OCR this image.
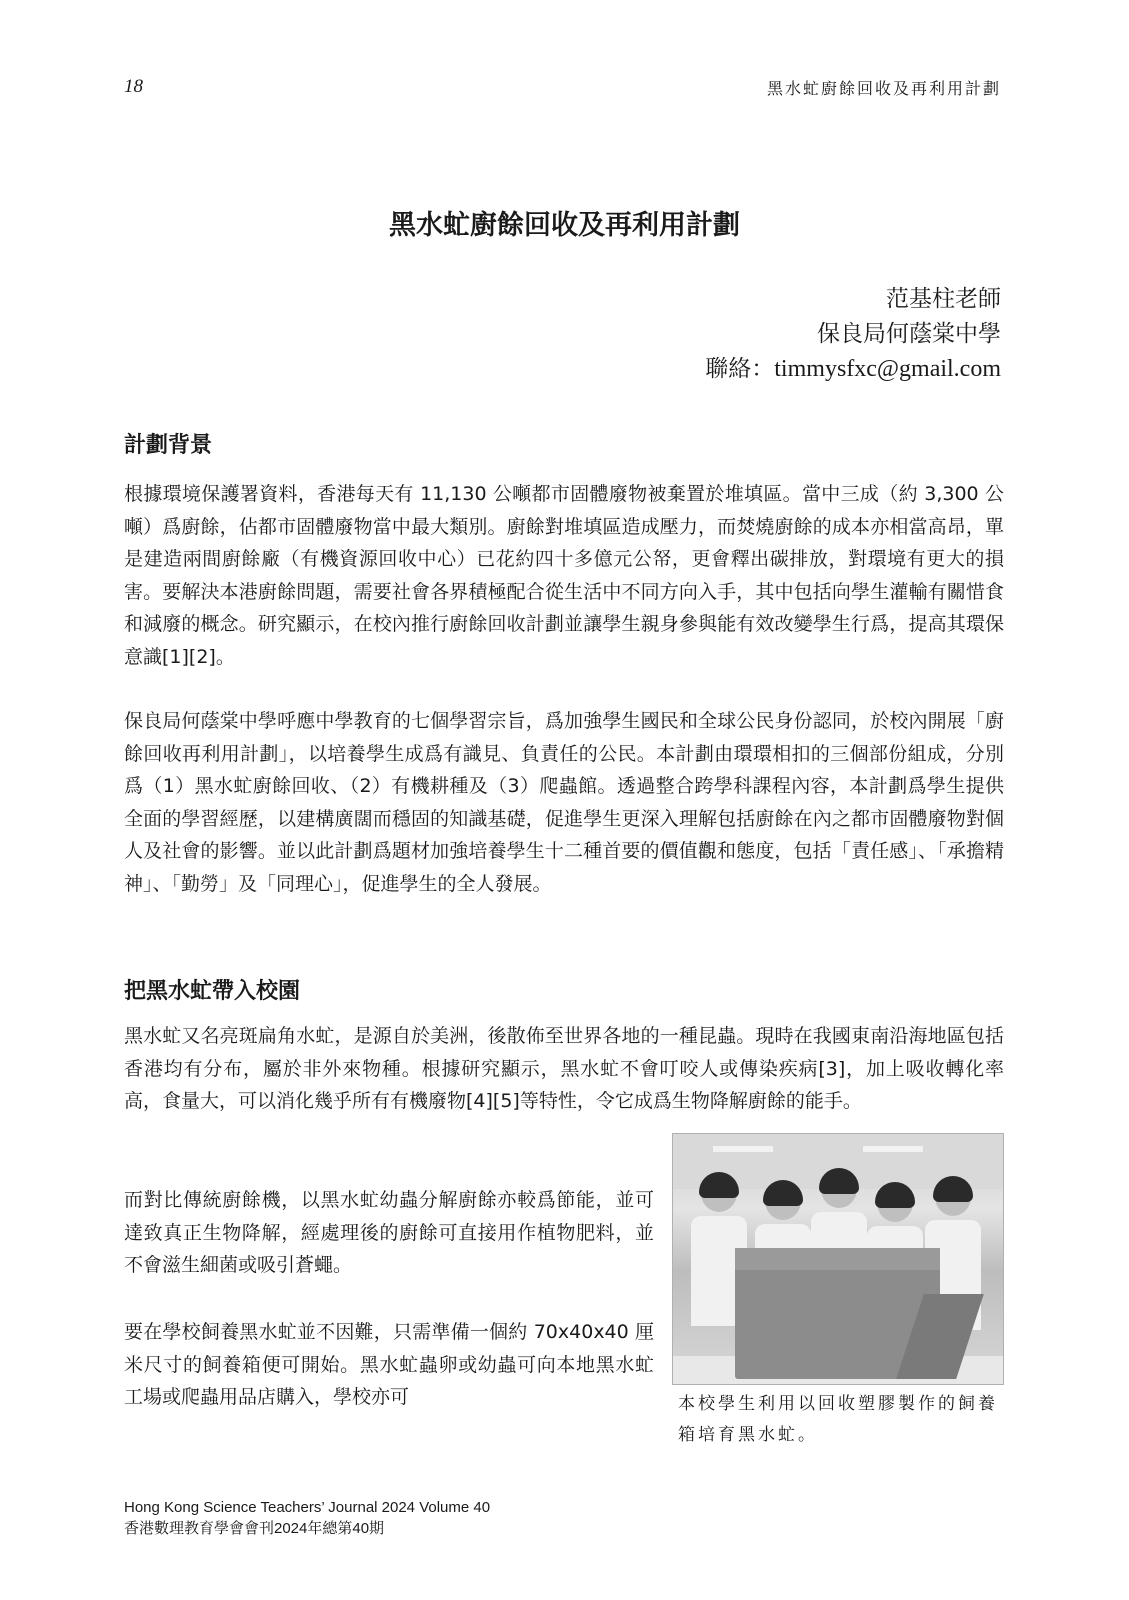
18	黑水虻廚餘回收及再利用計劃
黑水虻廚餘回收及再利用計劃
范基柱老師
保良局何蔭棠中學
聯絡：timmysfxc@gmail.com
計劃背景

根據環境保護署資料，香港每天有 11,130 公噸都市固體廢物被棄置於堆填區。當中三成（約 3,300 公噸）爲廚餘，佔都市固體廢物當中最大類別。廚餘對堆填區造成壓力，而焚燒廚餘的成本亦相當高昂，單是建造兩間廚餘廠（有機資源回收中心）已花約四十多億元公帑，更會釋出碳排放，對環境有更大的損害。要解決本港廚餘問題，需要社會各界積極配合從生活中不同方向入手，其中包括向學生灌輸有關惜食和減廢的概念。研究顯示，在校內推行廚餘回收計劃並讓學生親身參與能有效改變學生行爲，提高其環保意識[1][2]。

保良局何蔭棠中學呼應中學教育的七個學習宗旨，爲加強學生國民和全球公民身份認同，於校內開展「廚餘回收再利用計劃」，以培養學生成爲有識見、負責任的公民。本計劃由環環相扣的三個部份組成，分別爲（1）黑水虻廚餘回收、（2）有機耕種及（3）爬蟲館。透過整合跨學科課程內容，本計劃爲學生提供全面的學習經歷，以建構廣闊而穩固的知識基礎，促進學生更深入理解包括廚餘在內之都市固體廢物對個人及社會的影響。並以此計劃爲題材加強培養學生十二種首要的價值觀和態度，包括「責任感」、「承擔精神」、「勤勞」及「同理心」，促進學生的全人發展。

把黑水虻帶入校園

黑水虻又名亮斑扁角水虻，是源自於美洲，後散佈至世界各地的一種昆蟲。現時在我國東南沿海地區包括香港均有分布，屬於非外來物種。根據研究顯示，黑水虻不會叮咬人或傳染疾病[3]，加上吸收轉化率高，食量大，可以消化幾乎所有有機廢物[4][5]等特性，令它成爲生物降解廚餘的能手。

而對比傳統廚餘機，以黑水虻幼蟲分解廚餘亦較爲節能，並可達致真正生物降解，經處理後的廚餘可直接用作植物肥料，並不會滋生細菌或吸引蒼蠅。

要在學校飼養黑水虻並不因難，只需準備一個約 70x40x40 厘米尺寸的飼養箱便可開始。黑水虻蟲卵或幼蟲可向本地黑水虻工場或爬蟲用品店購入，學校亦可	本校學生利用以回收塑膠製作的飼養箱培育黑水虻。
Hong Kong Science Teachers’ Journal 2024 Volume 40
香港數理教育學會會刊2024年總第40期
